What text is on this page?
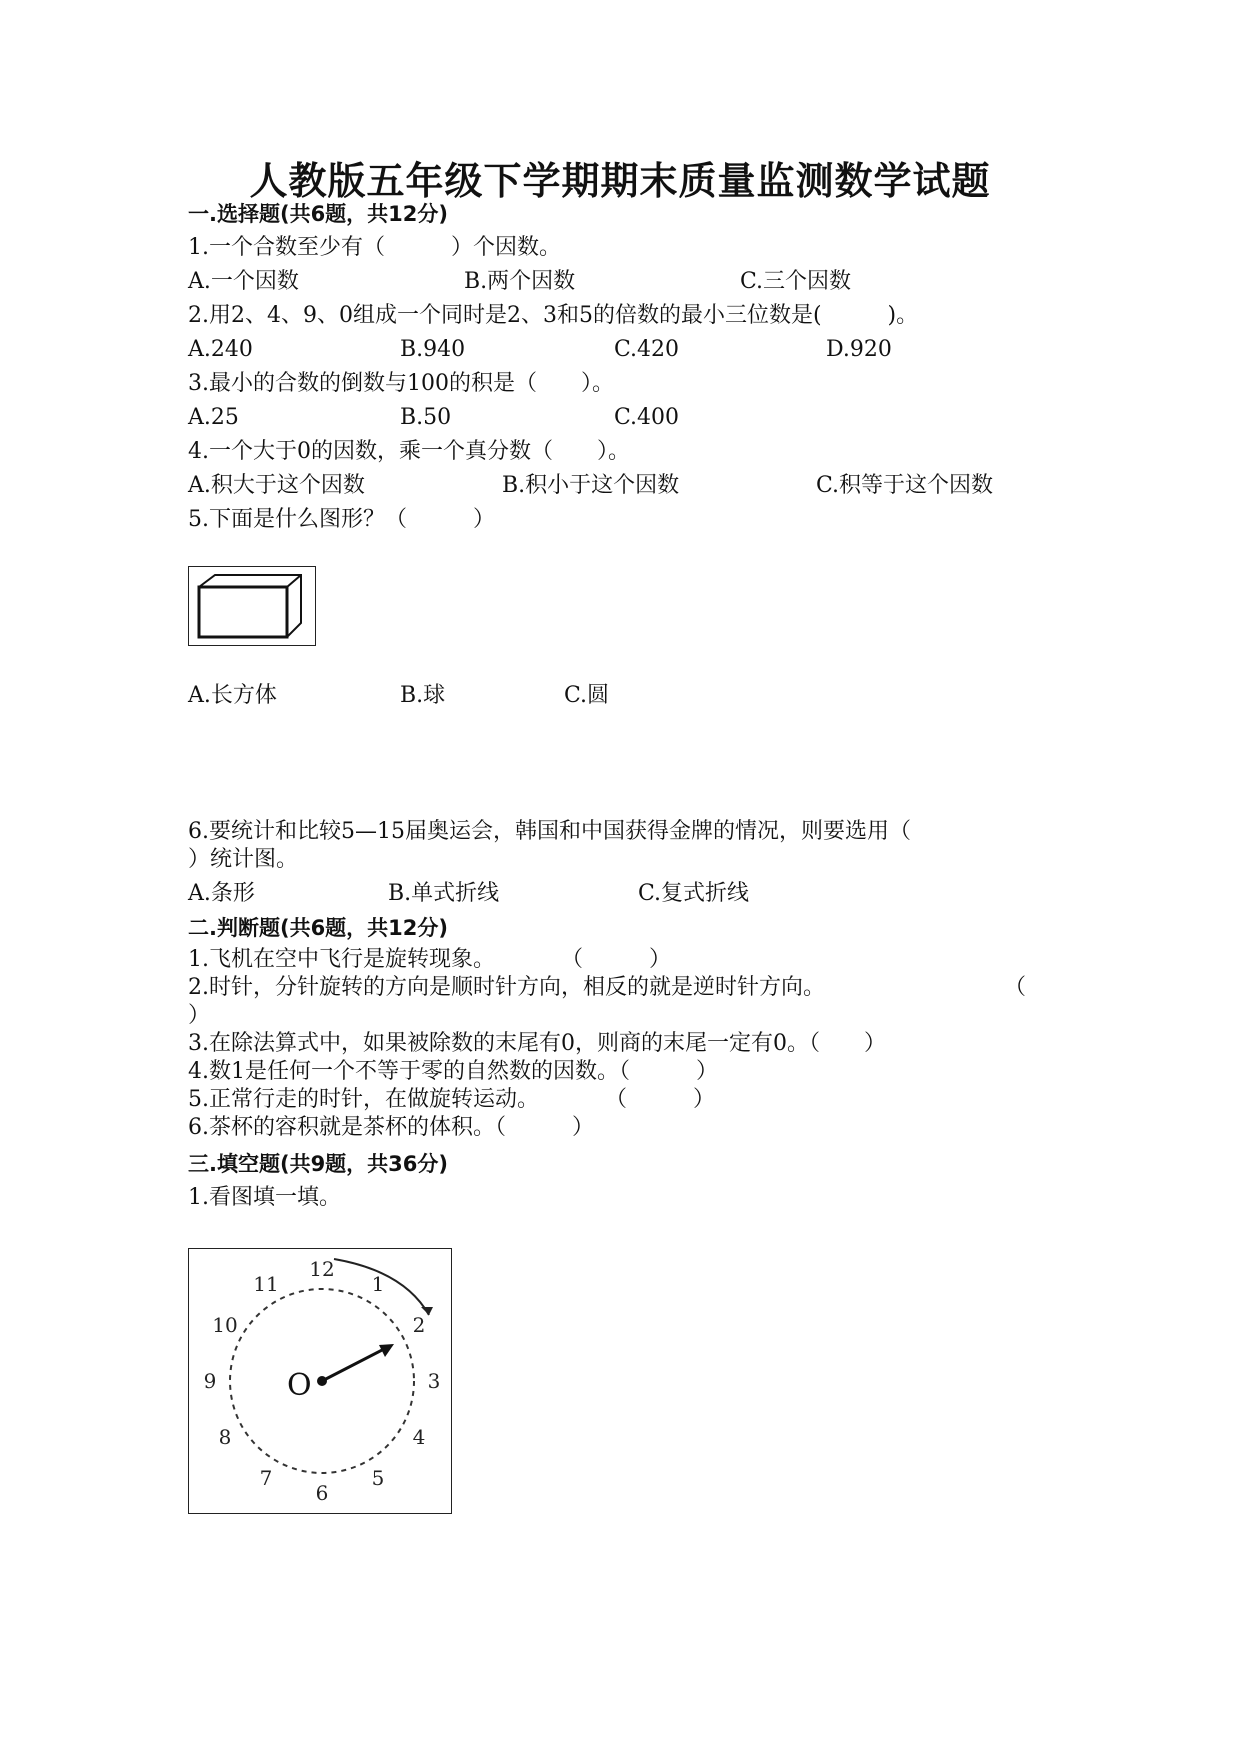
人教版五年级下学期期末质量监测数学试题
一.选择题(共6题，共12分)
1.一个合数至少有（　　　）个因数。
A.一个因数	B.两个因数	C.三个因数
2.用2、4、9、0组成一个同时是2、3和5的倍数的最小三位数是(　　　)。
A.240	B.940	C.420	D.920
3.最小的合数的倒数与100的积是（　　）。
A.25	B.50	C.400
4.一个大于0的因数，乘一个真分数（　　）。
A.积大于这个因数	B.积小于这个因数	C.积等于这个因数
5.下面是什么图形？（　　　）
A.长方体	B.球	C.圆
6.要统计和比较5—15届奥运会，韩国和中国获得金牌的情况，则要选用（
）统计图。
A.条形	B.单式折线	C.复式折线
二.判断题(共6题，共12分)
1.飞机在空中飞行是旋转现象。　　　　（　　　）
2.时针，分针旋转的方向是顺时针方向，相反的就是逆时针方向。	（
）
3.在除法算式中，如果被除数的末尾有0，则商的末尾一定有0。（　　）
4.数1是任何一个不等于零的自然数的因数。（　　　）
5.正常行走的时针，在做旋转运动。　　　　（　　　）
6.茶杯的容积就是茶杯的体积。（　　　）
三.填空题(共9题，共36分)
1.看图填一填。
O
12
1
2
3
4
5
6
7
8
9
10
11
